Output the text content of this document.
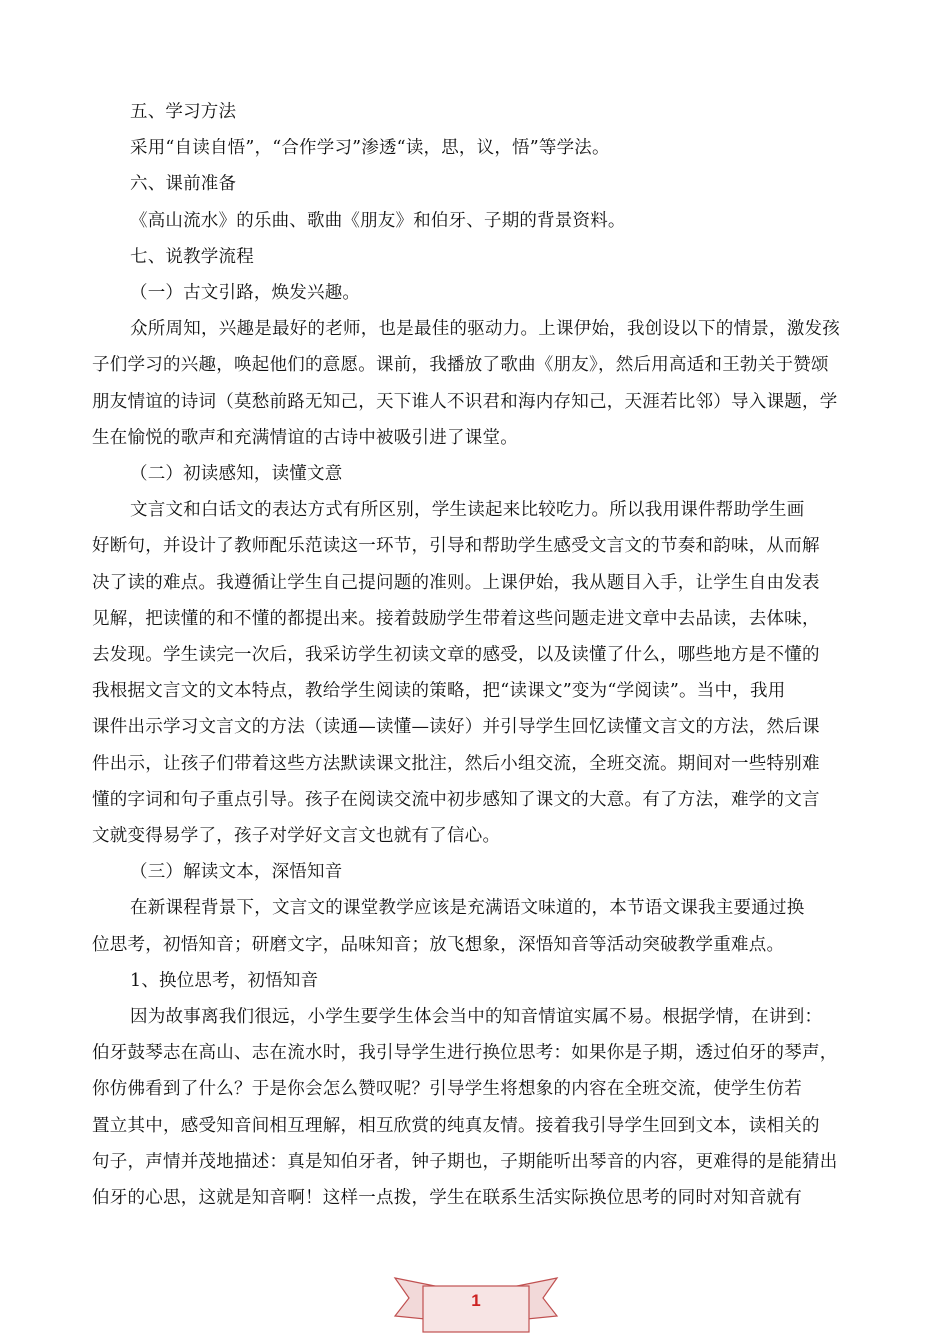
五、学习方法
采用“自读自悟”，“合作学习”渗透“读，思，议，悟”等学法。
六、课前准备
《高山流水》的乐曲、歌曲《朋友》和伯牙、子期的背景资料。
七、说教学流程
（一）古文引路，焕发兴趣。
众所周知，兴趣是最好的老师，也是最佳的驱动力。上课伊始，我创设以下的情景，激发孩
子们学习的兴趣，唤起他们的意愿。课前，我播放了歌曲《朋友》，然后用高适和王勃关于赞颂
朋友情谊的诗词（莫愁前路无知己，天下谁人不识君和海内存知己，天涯若比邻）导入课题，学
生在愉悦的歌声和充满情谊的古诗中被吸引进了课堂。
（二）初读感知，读懂文意
文言文和白话文的表达方式有所区别，学生读起来比较吃力。所以我用课件帮助学生画
好断句，并设计了教师配乐范读这一环节，引导和帮助学生感受文言文的节奏和韵味，从而解
决了读的难点。我遵循让学生自己提问题的准则。上课伊始，我从题目入手，让学生自由发表
见解，把读懂的和不懂的都提出来。接着鼓励学生带着这些问题走进文章中去品读，去体味，
去发现。学生读完一次后，我采访学生初读文章的感受，以及读懂了什么，哪些地方是不懂的
我根据文言文的文本特点，教给学生阅读的策略，把“读课文”变为“学阅读”。当中，我用
课件出示学习文言文的方法（读通—读懂—读好）并引导学生回忆读懂文言文的方法，然后课
件出示，让孩子们带着这些方法默读课文批注，然后小组交流，全班交流。期间对一些特别难
懂的字词和句子重点引导。孩子在阅读交流中初步感知了课文的大意。有了方法，难学的文言
文就变得易学了，孩子对学好文言文也就有了信心。
（三）解读文本，深悟知音
在新课程背景下，文言文的课堂教学应该是充满语文味道的，本节语文课我主要通过换
位思考，初悟知音；研磨文字，品味知音；放飞想象，深悟知音等活动突破教学重难点。
1、换位思考，初悟知音
因为故事离我们很远，小学生要学生体会当中的知音情谊实属不易。根据学情，在讲到：
伯牙鼓琴志在高山、志在流水时，我引导学生进行换位思考：如果你是子期，透过伯牙的琴声，
你仿佛看到了什么？于是你会怎么赞叹呢？引导学生将想象的内容在全班交流，使学生仿若
置立其中，感受知音间相互理解，相互欣赏的纯真友情。接着我引导学生回到文本，读相关的
句子，声情并茂地描述：真是知伯牙者，钟子期也，子期能听出琴音的内容，更难得的是能猜出
伯牙的心思，这就是知音啊！这样一点拨，学生在联系生活实际换位思考的同时对知音就有
1
